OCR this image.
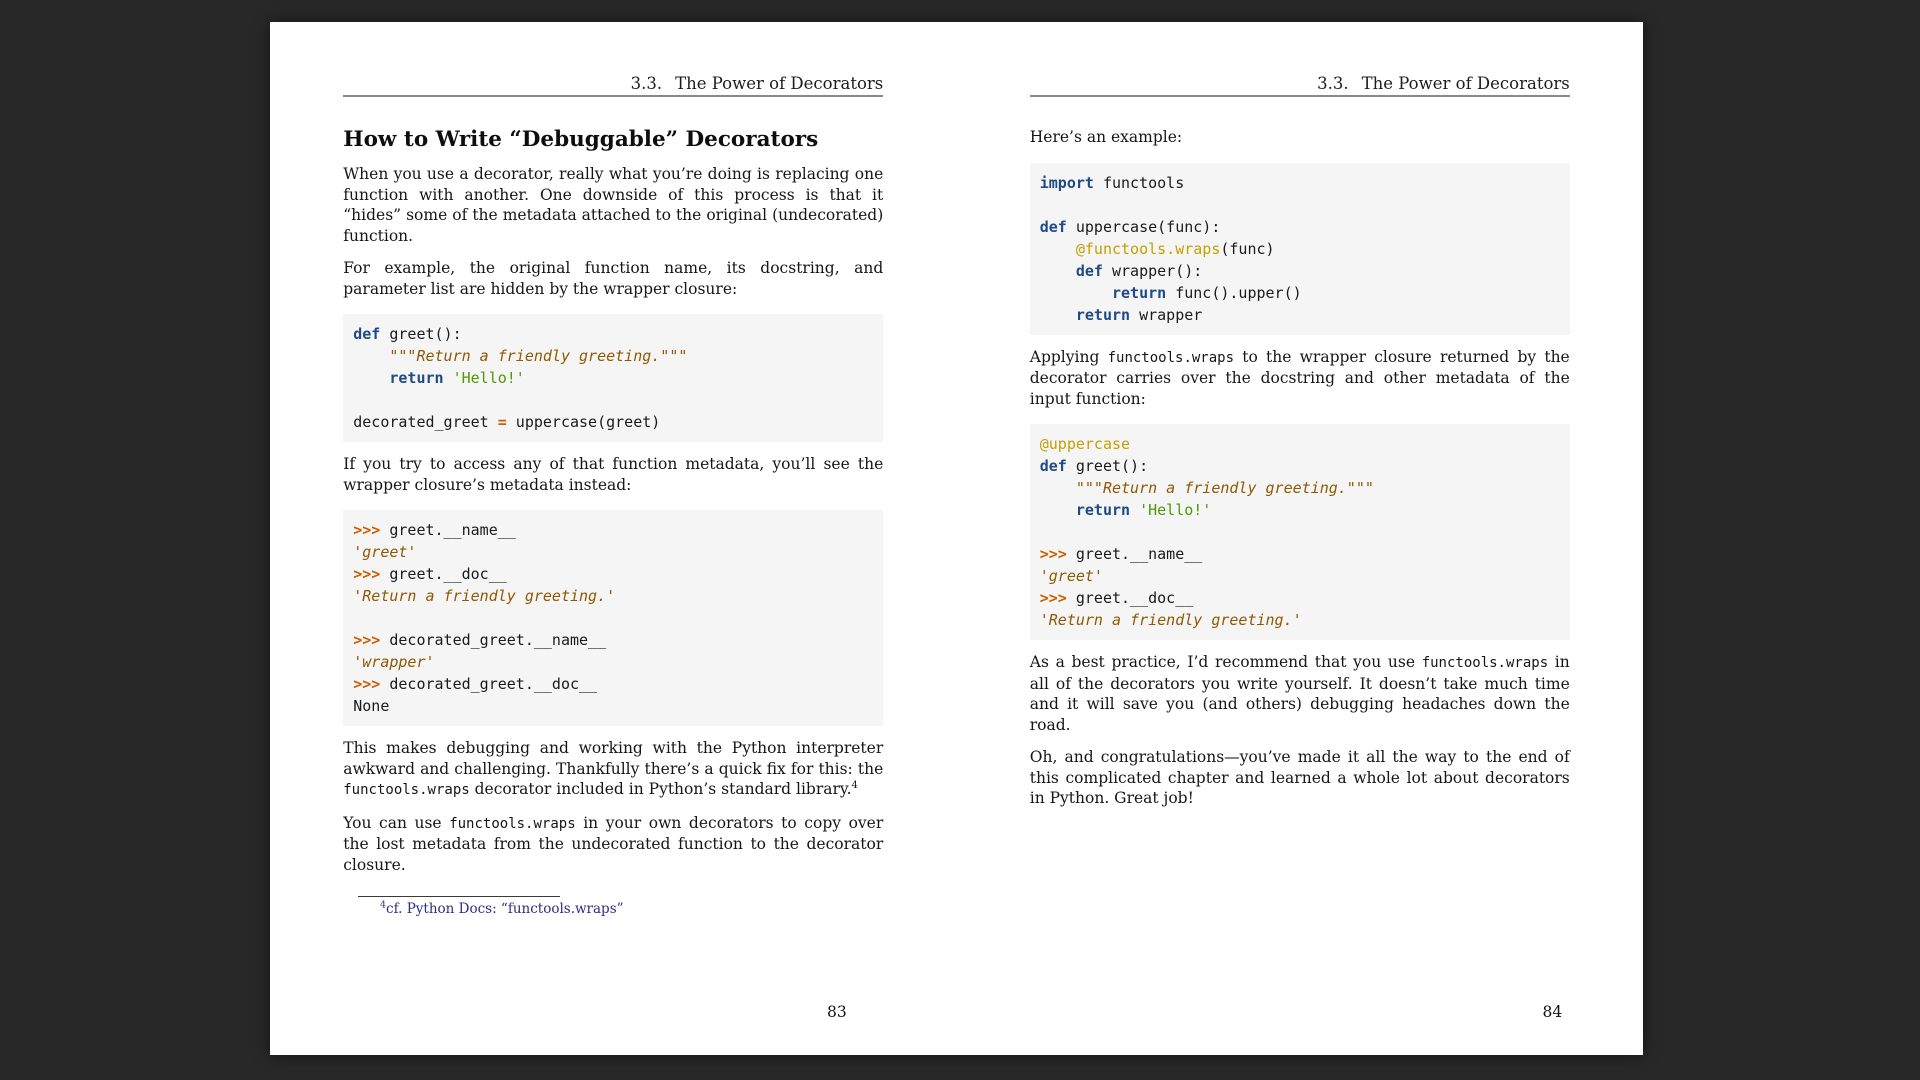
3.3. The Power of Decorators
How to Write “Debuggable” Decorators

When you use a decorator, really what you’re doing is replacing one function with another. One downside of this process is that it “hides” some of the metadata attached to the original (undecorated) function.

For example, the original function name, its docstring, and parameter list are hidden by the wrapper closure:

def greet():
"""Return a friendly greeting."""
return 'Hello!'
decorated_greet = uppercase(greet)

If you try to access any of that function metadata, you’ll see the wrapper closure’s metadata instead:

>>> greet.__name__
'greet'
>>> greet.__doc__
'Return a friendly greeting.'
>>> decorated_greet.__name__
'wrapper'
>>> decorated_greet.__doc__
None

This makes debugging and working with the Python interpreter awkward and challenging. Thankfully there’s a quick fix for this: the functools.wraps decorator included in Python’s standard library.$^4$

You can use functools.wraps in your own decorators to copy over the lost metadata from the undecorated function to the decorator closure.

$^4$cf. Python Docs: “functools.wraps”
83
3.3. The Power of Decorators

Here’s an example:

import functools
def uppercase(func):
@functools.wraps(func)
def wrapper():
return func().upper()
return wrapper

Applying functools.wraps to the wrapper closure returned by the decorator carries over the docstring and other metadata of the input function:

@uppercase
def greet():
"""Return a friendly greeting."""
return 'Hello!'
>>> greet.__name__
'greet'
>>> greet.__doc__
'Return a friendly greeting.'

As a best practice, I’d recommend that you use functools.wraps in all of the decorators you write yourself. It doesn’t take much time and it will save you (and others) debugging headaches down the road.

Oh, and congratulations—you’ve made it all the way to the end of this complicated chapter and learned a whole lot about decorators in Python. Great job!

84
